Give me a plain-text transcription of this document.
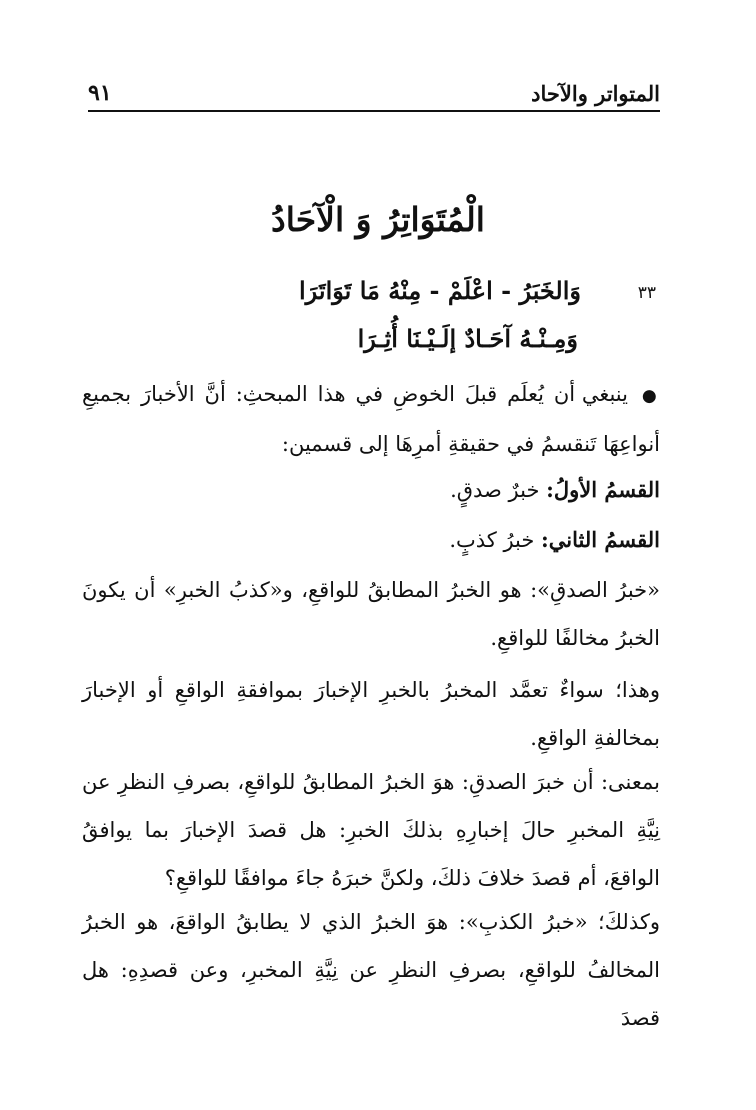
٩١	المتواتر والآحاد
الْمُتَوَاتِرُ وَ الْآحَادُ
٣٣
وَالخَبَرُ - اعْلَمْ - مِنْهُ مَا تَوَاتَرَا
وَمِـنْـهُ آحَـادٌ إلَـيْـنَا أُثِـرَا

● ينبغي أن يُعلَم قبلَ الخوضِ في هذا المبحثِ: أنَّ الأخبارَ بجميعِ أنواعِهَا تَنقسمُ في حقيقةِ أمرِهَا إلى قسمين:

القسمُ الأولُ: خبرٌ صدقٍ.
القسمُ الثاني: خبرُ كذبٍ.

«خبرُ الصدقِ»: هو الخبرُ المطابقُ للواقعِ، و«كذبُ الخبرِ» أن يكونَ الخبرُ مخالفًا للواقعِ.

وهذا؛ سواءٌ تعمَّد المخبرُ بالخبرِ الإخبارَ بموافقةِ الواقعِ أو الإخبارَ بمخالفةِ الواقعِ.

بمعنى: أن خبرَ الصدقِ: هوَ الخبرُ المطابقُ للواقعِ، بصرفِ النظرِ عن نِيَّةِ المخبرِ حالَ إخبارِهِ بذلكَ الخبرِ: هل قصدَ الإخبارَ بما يوافقُ الواقعَ، أم قصدَ خلافَ ذلكَ، ولكنَّ خبرَهُ جاءَ موافقًا للواقعِ؟

وكذلكَ؛ «خبرُ الكذبِ»: هوَ الخبرُ الذي لا يطابقُ الواقعَ، هو الخبرُ المخالفُ للواقعِ، بصرفِ النظرِ عن نِيَّةِ المخبرِ، وعن قصدِهِ: هل قصدَ
